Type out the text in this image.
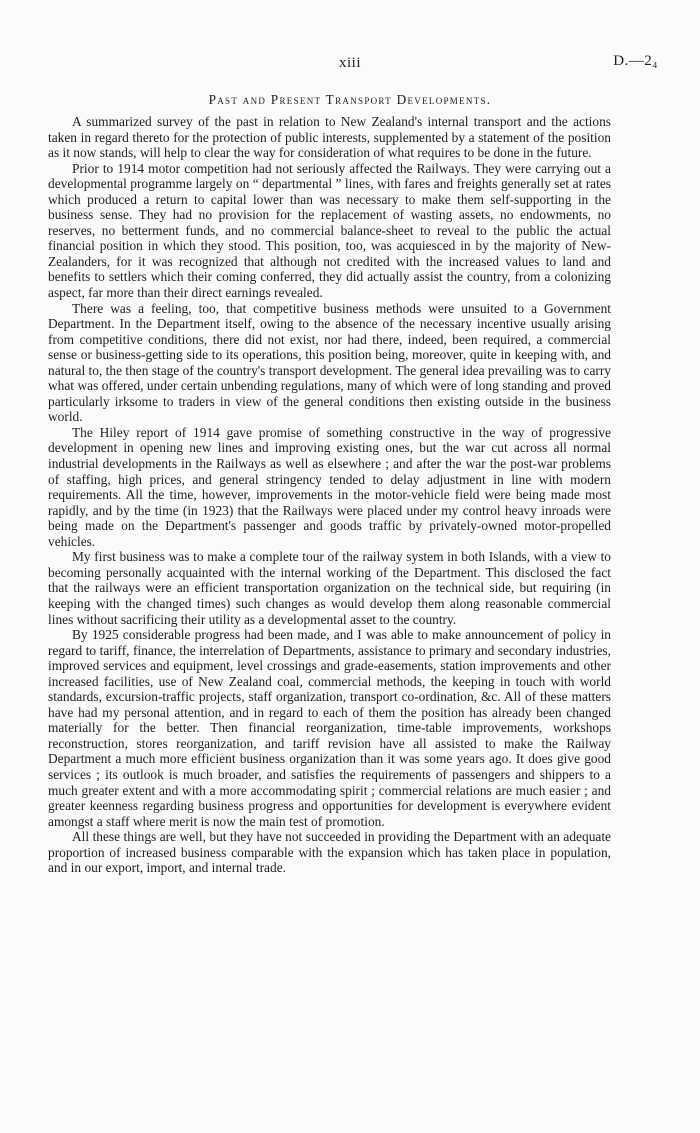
xiii	D.—2₄
Past and Present Transport Developments.

A summarized survey of the past in relation to New Zealand's internal transport and the actions taken in regard thereto for the protection of public interests, supplemented by a statement of the position as it now stands, will help to clear the way for consideration of what requires to be done in the future.

Prior to 1914 motor competition had not seriously affected the Railways. They were carrying out a developmental programme largely on “ departmental ” lines, with fares and freights generally set at rates which produced a return to capital lower than was necessary to make them self-supporting in the business sense. They had no provision for the replacement of wasting assets, no endowments, no reserves, no betterment funds, and no commercial balance-sheet to reveal to the public the actual financial position in which they stood. This position, too, was acquiesced in by the majority of New-Zealanders, for it was recognized that although not credited with the increased values to land and benefits to settlers which their coming conferred, they did actually assist the country, from a colonizing aspect, far more than their direct earnings revealed.

There was a feeling, too, that competitive business methods were unsuited to a Government Department. In the Department itself, owing to the absence of the necessary incentive usually arising from competitive conditions, there did not exist, nor had there, indeed, been required, a commercial sense or business-getting side to its operations, this position being, moreover, quite in keeping with, and natural to, the then stage of the country's transport development. The general idea prevailing was to carry what was offered, under certain unbending regulations, many of which were of long standing and proved particularly irksome to traders in view of the general conditions then existing outside in the business world.

The Hiley report of 1914 gave promise of something constructive in the way of progressive development in opening new lines and improving existing ones, but the war cut across all normal industrial developments in the Railways as well as elsewhere ; and after the war the post-war problems of staffing, high prices, and general stringency tended to delay adjustment in line with modern requirements. All the time, however, improvements in the motor-vehicle field were being made most rapidly, and by the time (in 1923) that the Railways were placed under my control heavy inroads were being made on the Department's passenger and goods traffic by privately-owned motor-propelled vehicles.

My first business was to make a complete tour of the railway system in both Islands, with a view to becoming personally acquainted with the internal working of the Department. This disclosed the fact that the railways were an efficient transportation organization on the technical side, but requiring (in keeping with the changed times) such changes as would develop them along reasonable commercial lines without sacrificing their utility as a developmental asset to the country.

By 1925 considerable progress had been made, and I was able to make announcement of policy in regard to tariff, finance, the interrelation of Departments, assistance to primary and secondary industries, improved services and equipment, level crossings and grade-easements, station improvements and other increased facilities, use of New Zealand coal, commercial methods, the keeping in touch with world standards, excursion-traffic projects, staff organization, transport co-ordination, &c. All of these matters have had my personal attention, and in regard to each of them the position has already been changed materially for the better. Then financial reorganization, time-table improvements, workshops reconstruction, stores reorganization, and tariff revision have all assisted to make the Railway Department a much more efficient business organization than it was some years ago. It does give good services ; its outlook is much broader, and satisfies the requirements of passengers and shippers to a much greater extent and with a more accommodating spirit ; commercial relations are much easier ; and greater keenness regarding business progress and opportunities for development is everywhere evident amongst a staff where merit is now the main test of promotion.

All these things are well, but they have not succeeded in providing the Department with an adequate proportion of increased business comparable with the expansion which has taken place in population, and in our export, import, and internal trade.
